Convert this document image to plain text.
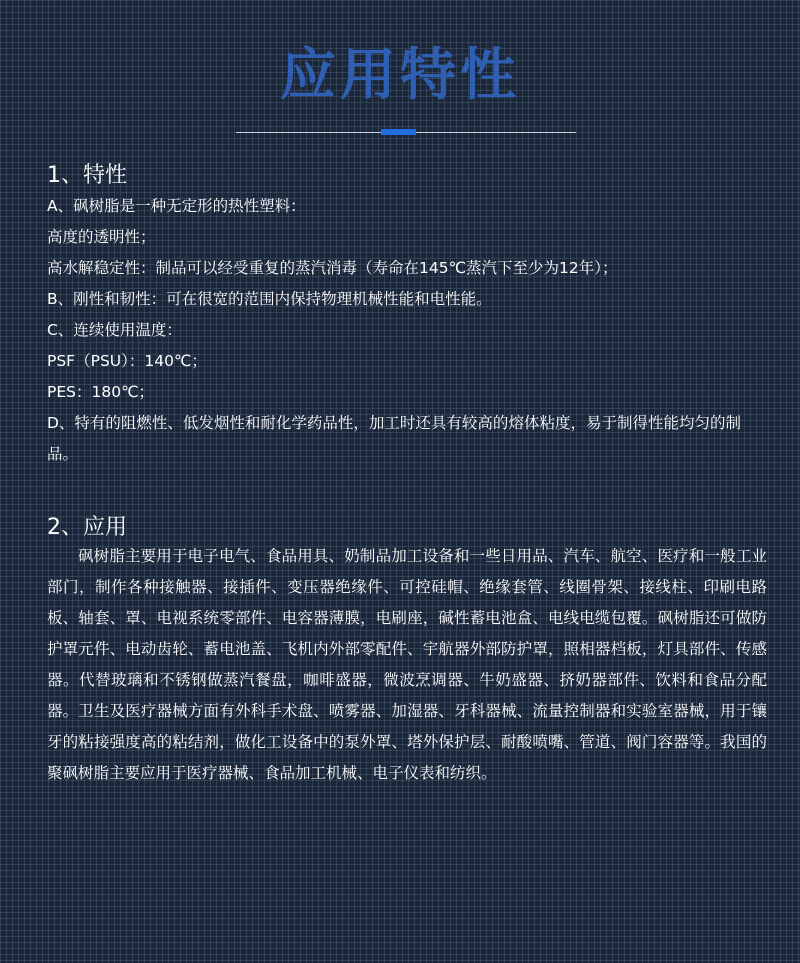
应用特性
1、特性

A、砜树脂是一种无定形的热性塑料：

高度的透明性；

高水解稳定性：制品可以经受重复的蒸汽消毒（寿命在145℃蒸汽下至少为12年）；

B、刚性和韧性：可在很宽的范围内保持物理机械性能和电性能。

C、连续使用温度：

PSF（PSU）：140℃；

PES：180℃；

D、特有的阻燃性、低发烟性和耐化学药品性，加工时还具有较高的熔体粘度，易于制得性能均匀的制品。

2、应用

砜树脂主要用于电子电气、食品用具、奶制品加工设备和一些日用品、汽车、航空、医疗和一般工业部门，制作各种接触器、接插件、变压器绝缘件、可控硅帽、绝缘套管、线圈骨架、接线柱、印刷电路板、轴套、罩、电视系统零部件、电容器薄膜，电刷座，碱性蓄电池盒、电线电缆包覆。砜树脂还可做防护罩元件、电动齿轮、蓄电池盖、飞机内外部零配件、宇航器外部防护罩，照相器档板，灯具部件、传感器。代替玻璃和不锈钢做蒸汽餐盘，咖啡盛器，微波烹调器、牛奶盛器、挤奶器部件、饮料和食品分配器。卫生及医疗器械方面有外科手术盘、喷雾器、加湿器、牙科器械、流量控制器和实验室器械，用于镶牙的粘接强度高的粘结剂，做化工设备中的泵外罩、塔外保护层、耐酸喷嘴、管道、阀门容器等。我国的聚砜树脂主要应用于医疗器械、食品加工机械、电子仪表和纺织。
